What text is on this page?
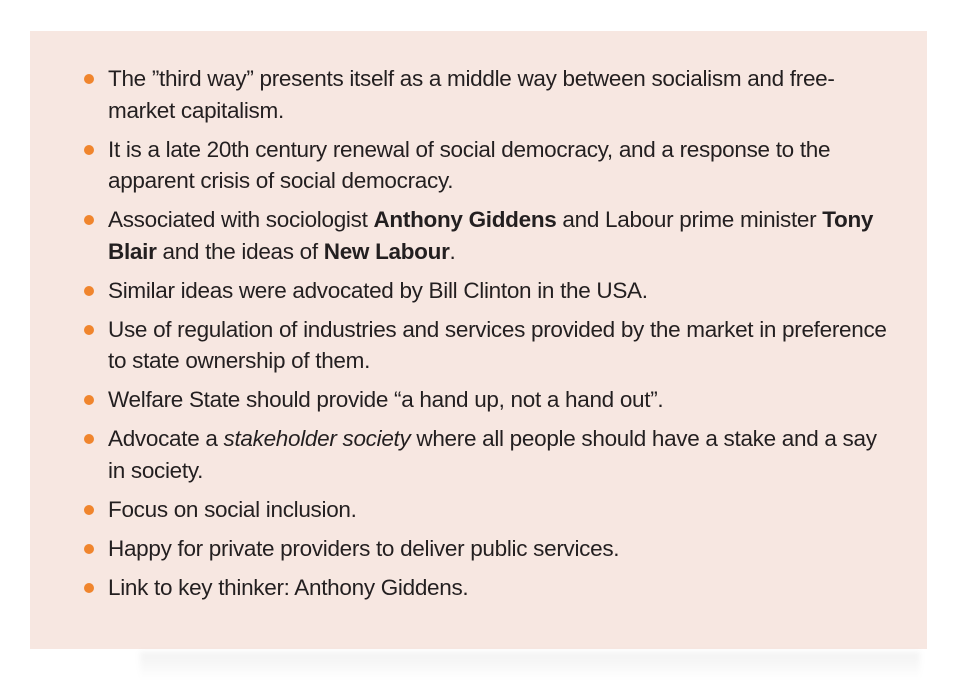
The ”third way” presents itself as a middle way between socialism and free-market capitalism.
It is a late 20th century renewal of social democracy, and a response to the apparent crisis of social democracy.
Associated with sociologist Anthony Giddens and Labour prime minister Tony Blair and the ideas of New Labour.
Similar ideas were advocated by Bill Clinton in the USA.
Use of regulation of industries and services provided by the market in preference to state ownership of them.
Welfare State should provide “a hand up, not a hand out”.
Advocate a stakeholder society where all people should have a stake and a say in society.
Focus on social inclusion.
Happy for private providers to deliver public services.
Link to key thinker: Anthony Giddens.
